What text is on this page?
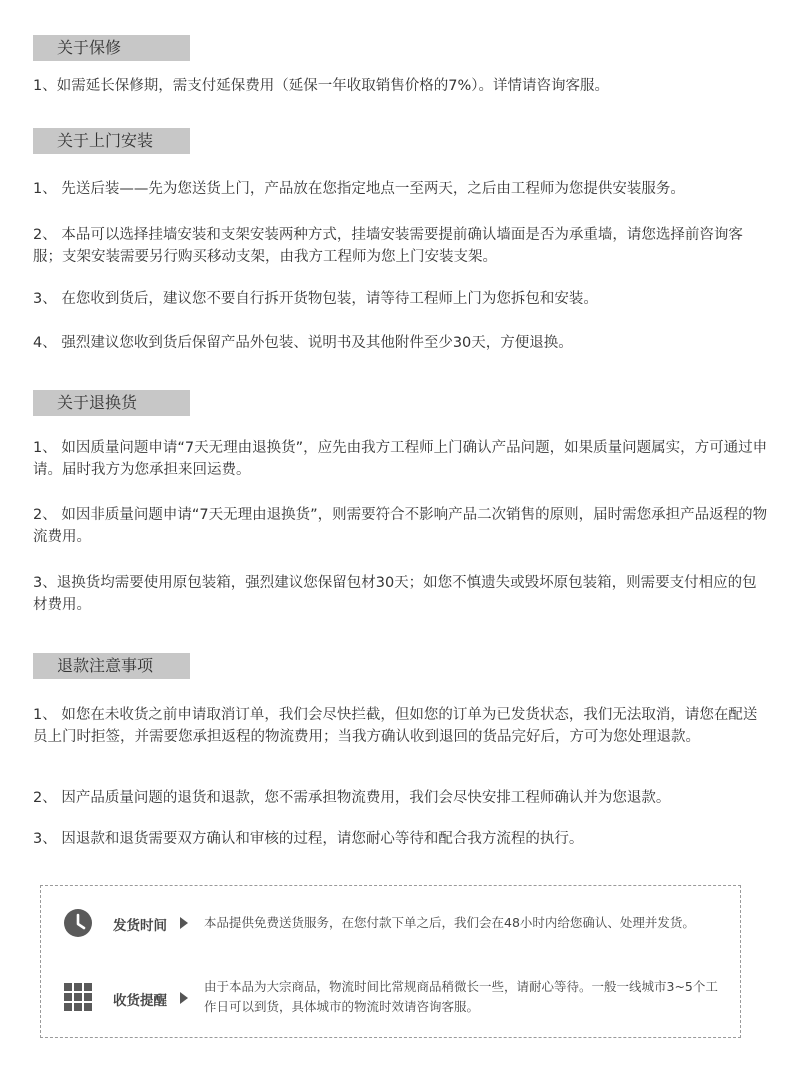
关于保修

1、如需延长保修期，需支付延保费用（延保一年收取销售价格的7%）。详情请咨询客服。

关于上门安装

1、 先送后装——先为您送货上门，产品放在您指定地点一至两天，之后由工程师为您提供安装服务。

2、 本品可以选择挂墙安装和支架安装两种方式，挂墙安装需要提前确认墙面是否为承重墙，请您选择前咨询客服；支架安装需要另行购买移动支架，由我方工程师为您上门安装支架。

3、 在您收到货后，建议您不要自行拆开货物包装，请等待工程师上门为您拆包和安装。

4、 强烈建议您收到货后保留产品外包装、说明书及其他附件至少30天，方便退换。

关于退换货

1、 如因质量问题申请“7天无理由退换货”，应先由我方工程师上门确认产品问题，如果质量问题属实，方可通过申请。届时我方为您承担来回运费。

2、 如因非质量问题申请“7天无理由退换货”，则需要符合不影响产品二次销售的原则，届时需您承担产品返程的物流费用。

3、退换货均需要使用原包装箱，强烈建议您保留包材30天；如您不慎遗失或毁坏原包装箱，则需要支付相应的包材费用。

退款注意事项

1、 如您在未收货之前申请取消订单，我们会尽快拦截，但如您的订单为已发货状态，我们无法取消，请您在配送员上门时拒签，并需要您承担返程的物流费用；当我方确认收到退回的货品完好后，方可为您处理退款。

2、 因产品质量问题的退货和退款，您不需承担物流费用，我们会尽快安排工程师确认并为您退款。

3、 因退款和退货需要双方确认和审核的过程，请您耐心等待和配合我方流程的执行。

发货时间	本品提供免费送货服务，在您付款下单之后，我们会在48小时内给您确认、处理并发货。
收货提醒
由于本品为大宗商品，物流时间比常规商品稍微长一些，请耐心等待。一般一线城市3~5个工作日可以到货，具体城市的物流时效请咨询客服。
